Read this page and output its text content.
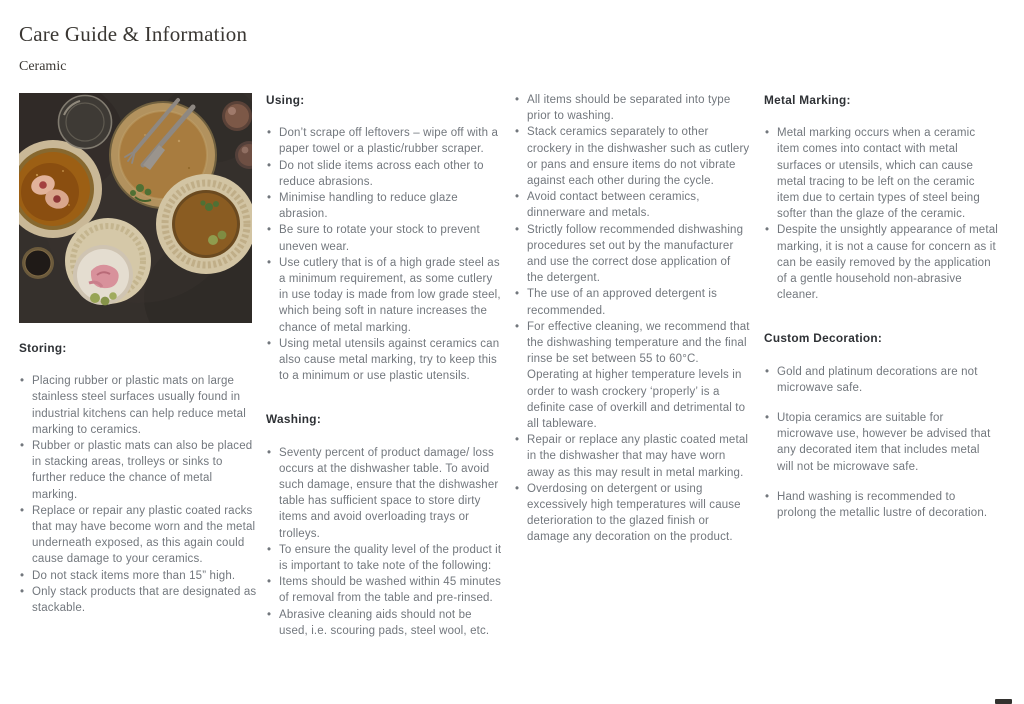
Care Guide & Information
Ceramic
Storing:
• Placing rubber or plastic mats on large stainless steel surfaces usually found in industrial kitchens can help reduce metal marking to ceramics.
• Rubber or plastic mats can also be placed in stacking areas, trolleys or sinks to further reduce the chance of metal marking.
• Replace or repair any plastic coated racks that may have become worn and the metal underneath exposed, as this again could cause damage to your ceramics.
• Do not stack items more than 15” high.
• Only stack products that are designated as stackable.
Using:
• Don’t scrape off leftovers – wipe off with a paper towel or a plastic/rubber scraper.
• Do not slide items across each other to reduce abrasions.
• Minimise handling to reduce glaze abrasion.
• Be sure to rotate your stock to prevent uneven wear.
• Use cutlery that is of a high grade steel as a minimum requirement, as some cutlery in use today is made from low grade steel, which being soft in nature increases the chance of metal marking.
• Using metal utensils against ceramics can also cause metal marking, try to keep this to a minimum or use plastic utensils.
Washing:
• Seventy percent of product damage/ loss occurs at the dishwasher table. To avoid such damage, ensure that the dishwasher table has sufficient space to store dirty items and avoid overloading trays or trolleys.
• To ensure the quality level of the product it is important to take note of the following:
• Items should be washed within 45 minutes of removal from the table and pre-rinsed.
• Abrasive cleaning aids should not be used, i.e. scouring pads, steel wool, etc.
• All items should be separated into type prior to washing.
• Stack ceramics separately to other crockery in the dishwasher such as cutlery or pans and ensure items do not vibrate against each other during the cycle.
• Avoid contact between ceramics, dinnerware and metals.
• Strictly follow recommended dishwashing procedures set out by the manufacturer and use the correct dose application of the detergent.
• The use of an approved detergent is recommended.
• For effective cleaning, we recommend that the dishwashing temperature and the final rinse be set between 55 to 60°C. Operating at higher temperature levels in order to wash crockery ‘properly’ is a definite case of overkill and detrimental to all tableware.
• Repair or replace any plastic coated metal in the dishwasher that may have worn away as this may result in metal marking.
• Overdosing on detergent or using excessively high temperatures will cause deterioration to the glazed finish or damage any decoration on the product.
Metal Marking:
• Metal marking occurs when a ceramic item comes into contact with metal surfaces or utensils, which can cause metal tracing to be left on the ceramic item due to certain types of steel being softer than the glaze of the ceramic.
• Despite the unsightly appearance of metal marking, it is not a cause for concern as it can be easily removed by the application of a gentle household non-abrasive cleaner.
Custom Decoration:
• Gold and platinum decorations are not microwave safe.
• Utopia ceramics are suitable for microwave use, however be advised that any decorated item that includes metal will not be microwave safe.
• Hand washing is recommended to prolong the metallic lustre of decoration.
